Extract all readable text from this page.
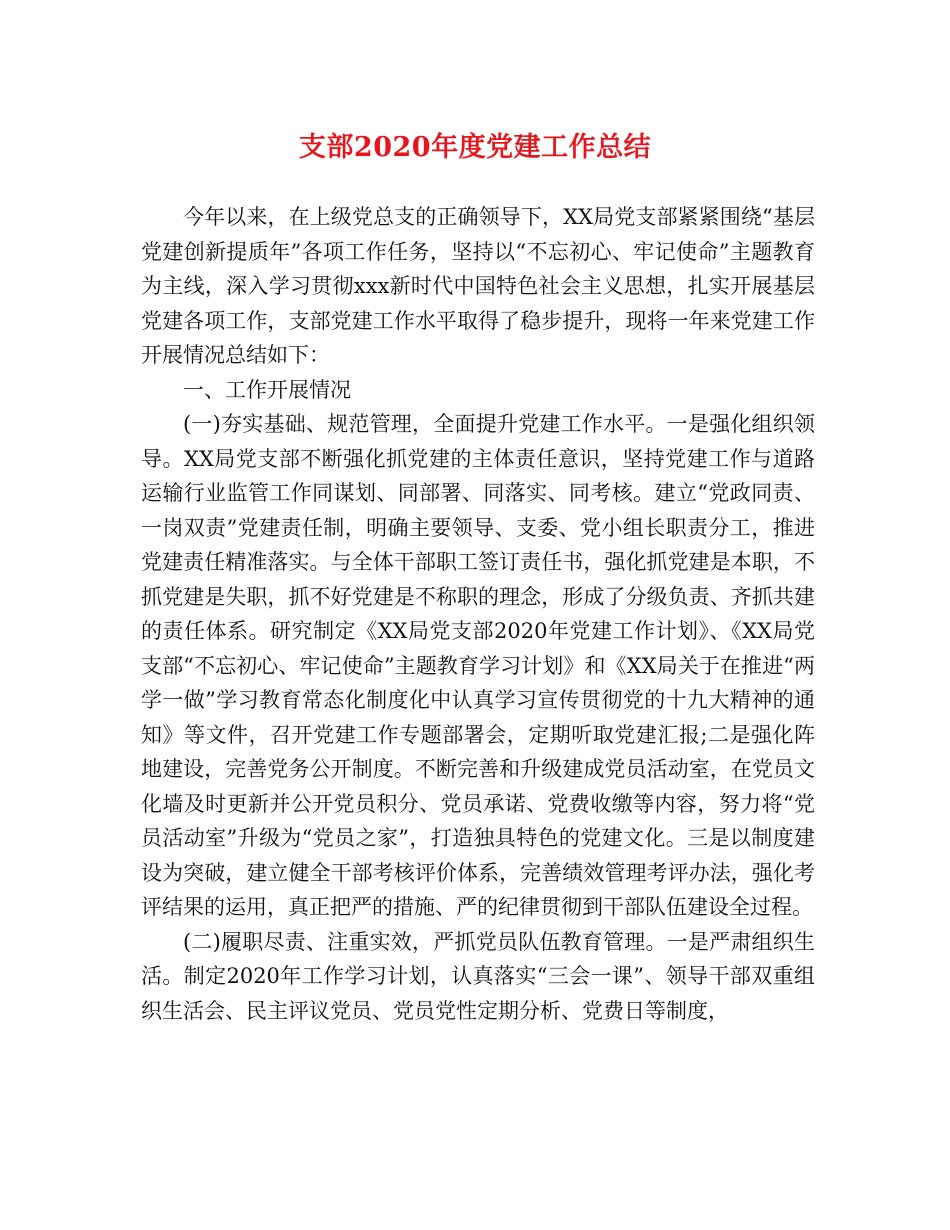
支部2020年度党建工作总结

今年以来，在上级党总支的正确领导下，XX局党支部紧紧围绕“基层党建创新提质年”各项工作任务，坚持以“不忘初心、牢记使命”主题教育为主线，深入学习贯彻xxx新时代中国特色社会主义思想，扎实开展基层党建各项工作，支部党建工作水平取得了稳步提升，现将一年来党建工作开展情况总结如下：

一、工作开展情况

(一)夯实基础、规范管理，全面提升党建工作水平。一是强化组织领导。XX局党支部不断强化抓党建的主体责任意识，坚持党建工作与道路运输行业监管工作同谋划、同部署、同落实、同考核。建立“党政同责、一岗双责”党建责任制，明确主要领导、支委、党小组长职责分工，推进党建责任精准落实。与全体干部职工签订责任书，强化抓党建是本职，不抓党建是失职，抓不好党建是不称职的理念，形成了分级负责、齐抓共建的责任体系。研究制定《XX局党支部2020年党建工作计划》、《XX局党支部“不忘初心、牢记使命”主题教育学习计划》和《XX局关于在推进“两学一做”学习教育常态化制度化中认真学习宣传贯彻党的十九大精神的通知》等文件，召开党建工作专题部署会，定期听取党建汇报;二是强化阵地建设，完善党务公开制度。不断完善和升级建成党员活动室，在党员文化墙及时更新并公开党员积分、党员承诺、党费收缴等内容，努力将“党员活动室”升级为“党员之家”，打造独具特色的党建文化。三是以制度建设为突破，建立健全干部考核评价体系，完善绩效管理考评办法，强化考评结果的运用，真正把严的措施、严的纪律贯彻到干部队伍建设全过程。

(二)履职尽责、注重实效，严抓党员队伍教育管理。一是严肃组织生活。制定2020年工作学习计划，认真落实“三会一课”、领导干部双重组织生活会、民主评议党员、党员党性定期分析、党费日等制度，
